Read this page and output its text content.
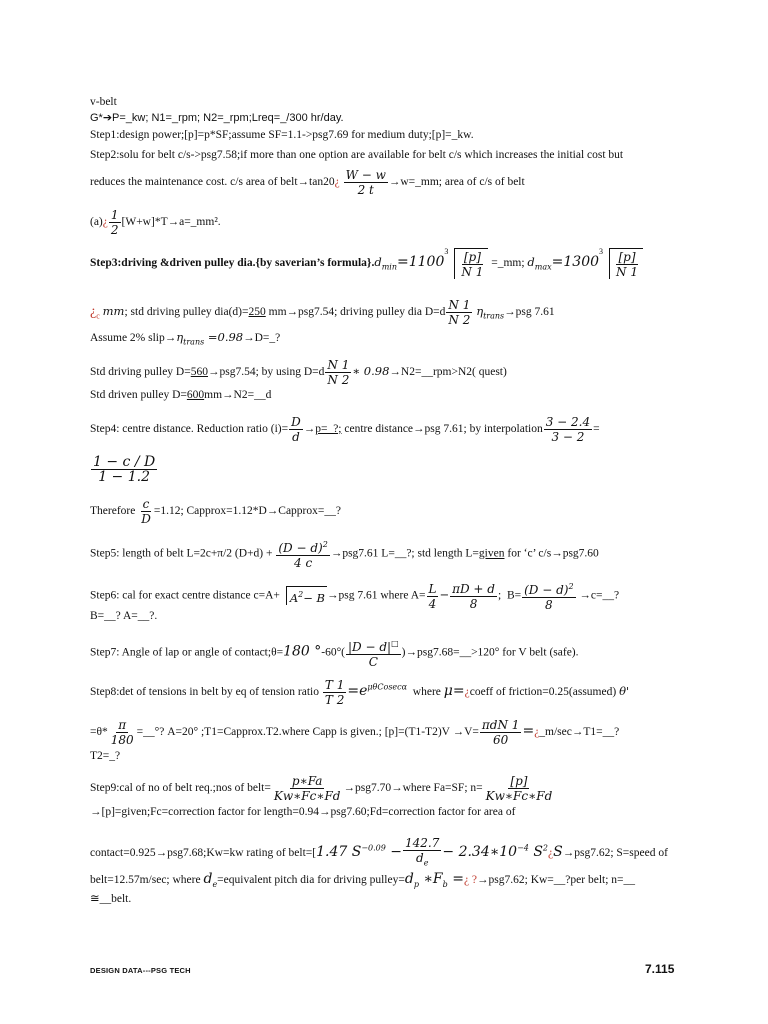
v-belt
G*➔P=_kw; N1=_rpm; N2=_rpm;Lreq=_/300 hr/day.
Step1:design power;[p]=p*SF;assume SF=1.1->psg7.69 for medium duty;[p]=_kw.
Step2:solu for belt c/s->psg7.58;if more than one option are available for belt c/s which increases the initial cost but
reduces the maintenance cost. c/s area of belt→tan20¿ $\frac{W - w}{2 t}$ →w=_mm; area of c/s of belt
(a)¿ $\frac{1}{2}$ [W+w]*T→a=_mm².
Step3:driving &driven pulley dia.{by saverian’s $formula\}.d_{min}=1100$
$3 \frac{[p]}{N 1}$ =_mm; $d_{max}=1300$
$3 \frac{[p]}{N 1}$
¿$_c$ mm; std driving pulley dia(d)=250 mm→psg7.54; driving pulley dia $D=d \frac{N 1}{N 2} \eta_{trans}\to psg$ 7.61
Assume 2% $slip\to\eta_{trans}$ =0.98→D=_?
Std driving pulley D=560→psg7.54; by using $D=d \frac{N 1}{N 2}$ ∗ 0.98→N2=__rpm>N2( quest)
Std driven pulley D=600mm→N2=__d
Step4: centre distance. Reduction ratio $(i)= \frac{D}{d}$ →p=_?; centre distance→psg 7.61; by interpolation $\frac{3 - 2.4}{3 - 2}$ =
$\frac{1 - c / D}{1 - 1.2}$
Therefore $\frac{c}{D} =1.12$; Capprox=1.12*D→Capprox=__?
Step5: length of belt L=2c+π/2 $(D+d) + \frac{(D - d)^2}{4 c} \to psg7.61$ L=__?; std length L=given for ‘c’ c/s→psg7.60
Step6: cal for exact centre distance $c=A+ A^2- B \to psg$ 7.61 where $A= \frac{L}{4} - \frac{\pi D + d}{8}$ ;  $B= \frac{(D - d)^2}{8}$ →c=__?
B=__? A=__?.
Step7: Angle of lap or angle of contact;θ=180 $^\circ-60^\circ( \frac{|D - d|^□}{C}$ )→psg7.68=__>120° for V belt (safe).
Step8:det of tensions in belt by eq of tension ratio $\frac{T 1}{T 2} =e^{\mu\theta Cosec\alpha}$ where μ=¿coeff of friction=0.25(assumed) θ'
$=\theta* \frac{\pi}{180}$ =__°? A=20° ;T1=Capprox.T2.where Capp is given.; $[p]=(T1-T2)V \to V= \frac{\text{πdN 1}}{60}$ =¿_m/sec→T1=__?
T2=_?
Step9:cal of no of belt req.;nos of belt= $\frac{p∗Fa}{Kw∗Fc∗Fd}$ →psg7.70→where Fa=SF; $n= \frac{[p]}{Kw∗Fc∗Fd}$
→[p]=given;Fc=correction factor for length=0.94→psg7.60;Fd=correction factor for area of
contact=0.925→psg7.68;Kw=kw rating of belt=[1.47 $S^{-0.09} - \frac{142.7}{d_e}$ − $2.34∗10^{-4}$ $S^2¿S\to psg7.62$; S=speed of
belt=12.57m/sec; where $d_e=equivalent$ pitch dia for driving $pulley=d_p$ $∗F_b$ =¿ ?→psg7.62; Kw=__?per belt; n=__
≅__belt.
DESIGN DATA---PSG TECH	7.115
